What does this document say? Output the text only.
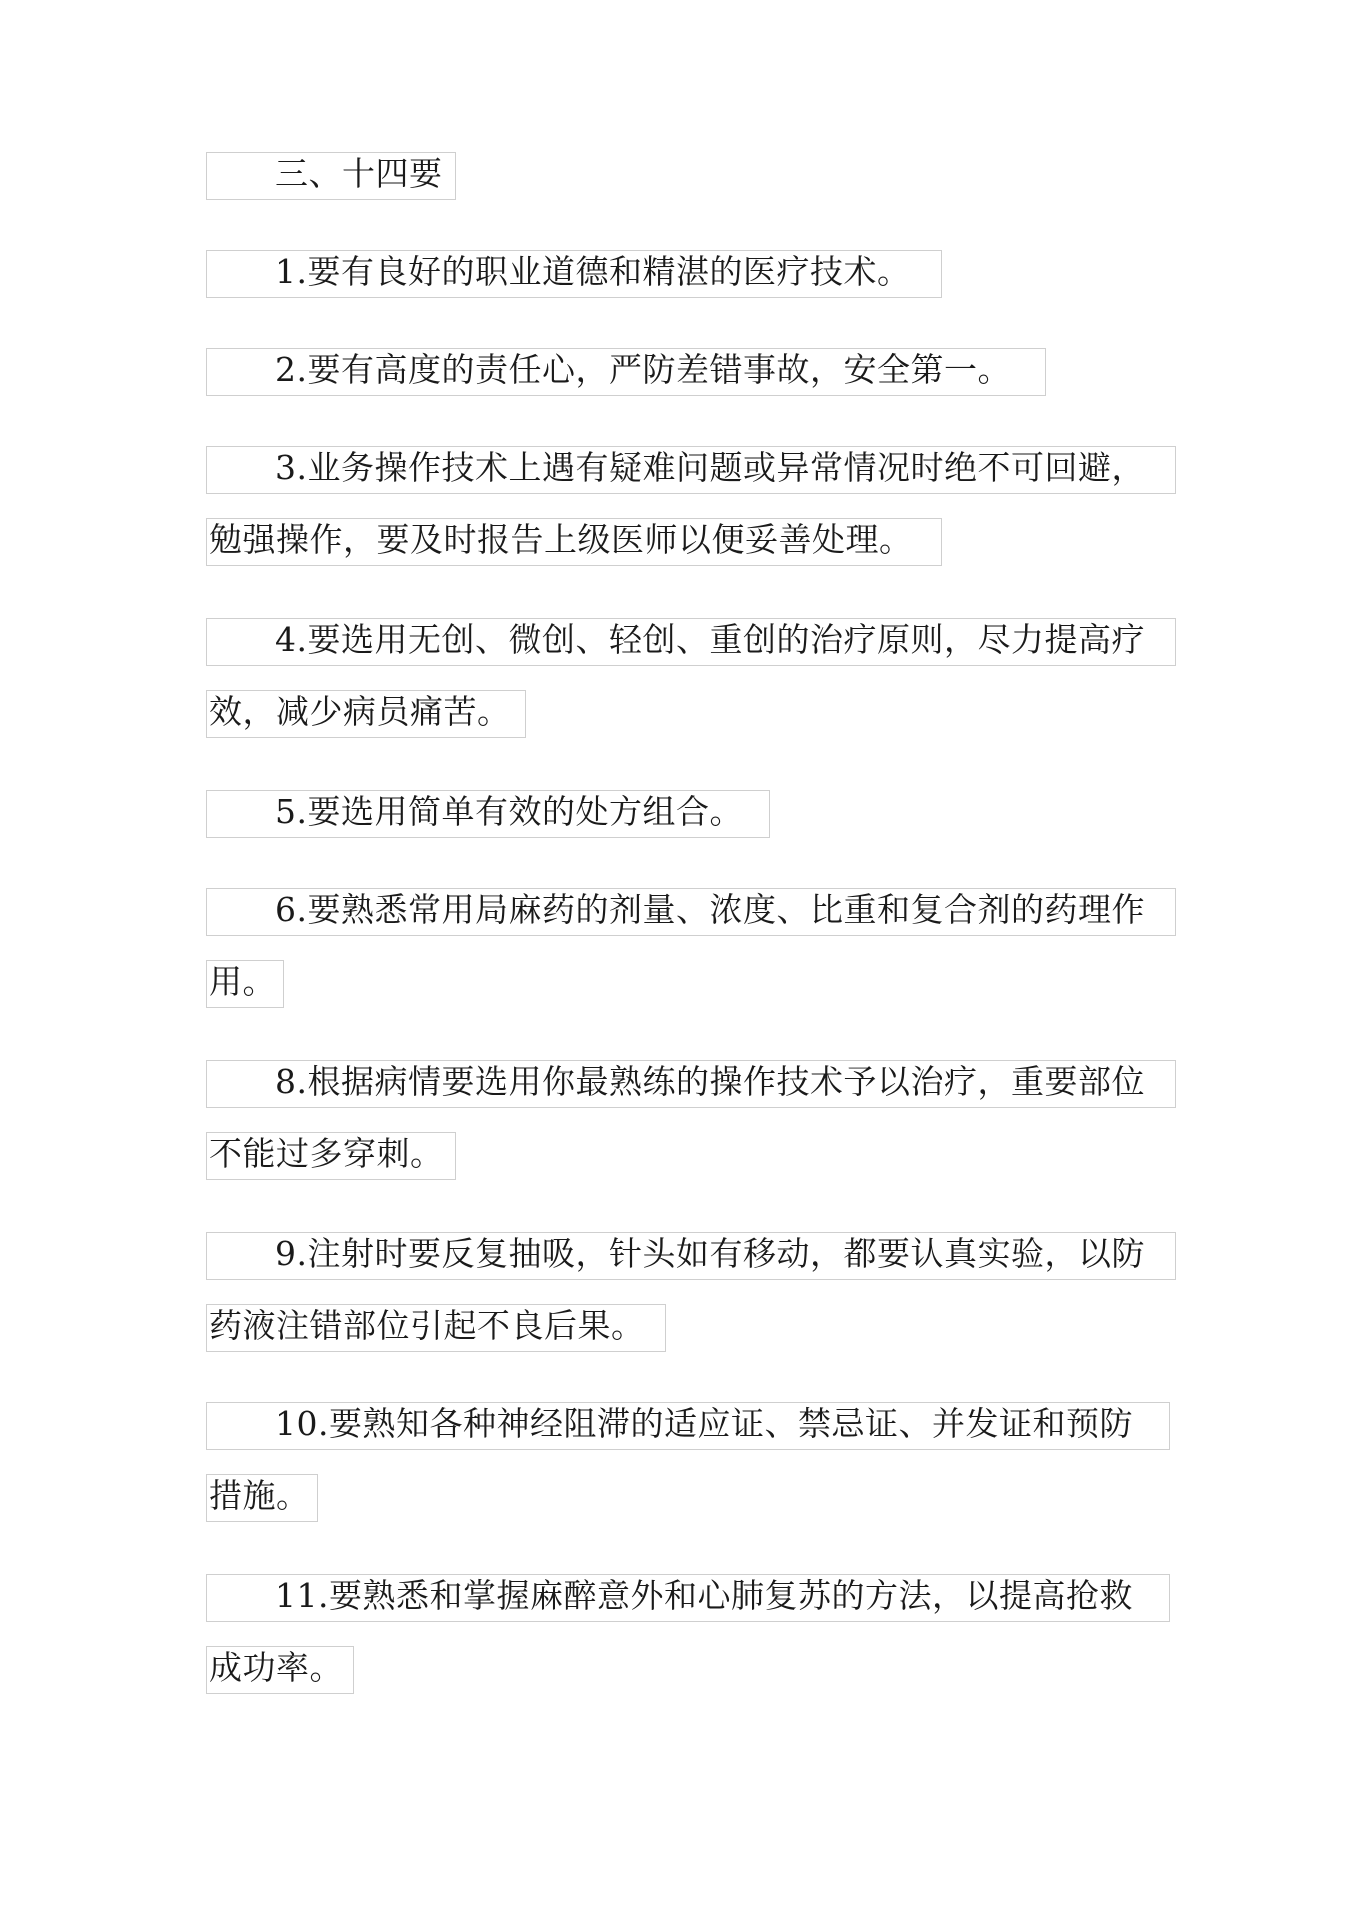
三、十四要
1.要有良好的职业道德和精湛的医疗技术。
2.要有高度的责任心，严防差错事故，安全第一。
3.业务操作技术上遇有疑难问题或异常情况时绝不可回避，
勉强操作，要及时报告上级医师以便妥善处理。
4.要选用无创、微创、轻创、重创的治疗原则，尽力提高疗
效，减少病员痛苦。
5.要选用简单有效的处方组合。
6.要熟悉常用局麻药的剂量、浓度、比重和复合剂的药理作
用。
8.根据病情要选用你最熟练的操作技术予以治疗，重要部位
不能过多穿刺。
9.注射时要反复抽吸，针头如有移动，都要认真实验，以防
药液注错部位引起不良后果。
10.要熟知各种神经阻滞的适应证、禁忌证、并发证和预防
措施。
11.要熟悉和掌握麻醉意外和心肺复苏的方法，以提高抢救
成功率。
